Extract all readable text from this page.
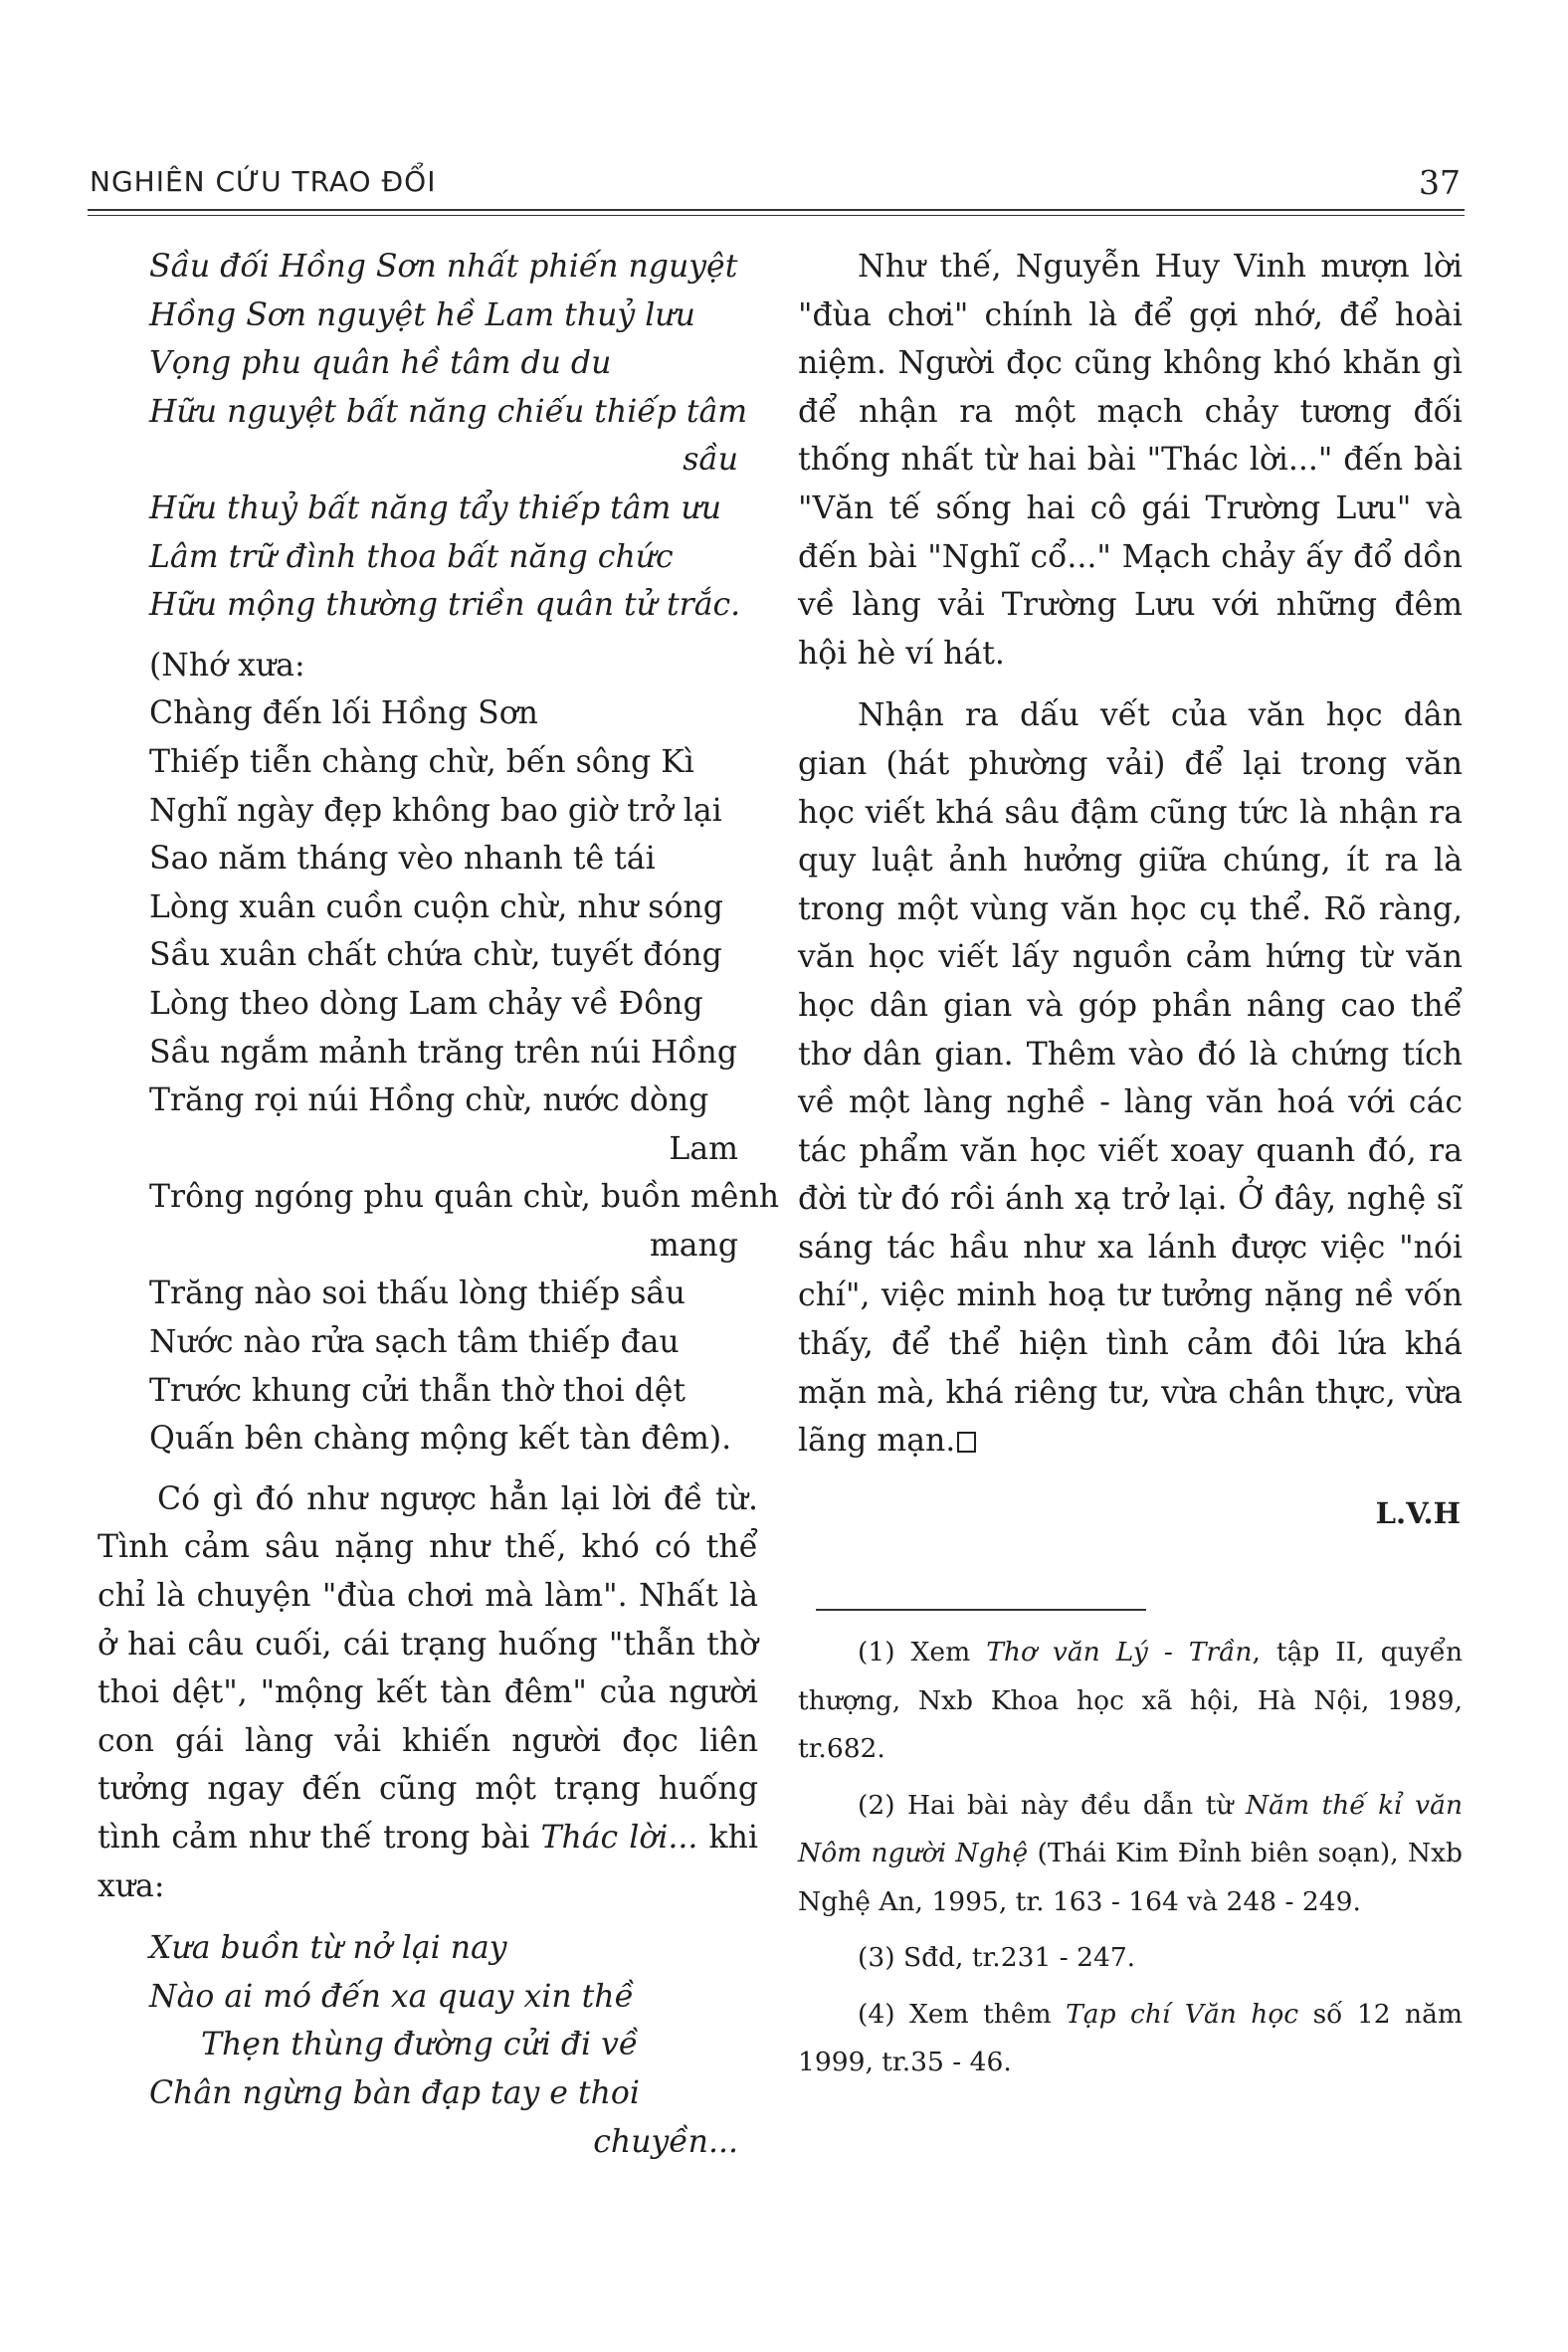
NGHIÊN CỨU TRAO ĐỔI	37
Sầu đối Hồng Sơn nhất phiến nguyệt
Hồng Sơn nguyệt hề Lam thuỷ lưu
Vọng phu quân hề tâm du du
Hữu nguyệt bất năng chiếu thiếp tâm
sầu
Hữu thuỷ bất năng tẩy thiếp tâm ưu
Lâm trữ đình thoa bất năng chức
Hữu mộng thường triền quân tử trắc.
(Nhớ xưa:
Chàng đến lối Hồng Sơn
Thiếp tiễn chàng chừ, bến sông Kì
Nghĩ ngày đẹp không bao giờ trở lại
Sao năm tháng vèo nhanh tê tái
Lòng xuân cuồn cuộn chừ, như sóng
Sầu xuân chất chứa chừ, tuyết đóng
Lòng theo dòng Lam chảy về Đông
Sầu ngắm mảnh trăng trên núi Hồng
Trăng rọi núi Hồng chừ, nước dòng
Lam
Trông ngóng phu quân chừ, buồn mênh
mang
Trăng nào soi thấu lòng thiếp sầu
Nước nào rửa sạch tâm thiếp đau
Trước khung cửi thẫn thờ thoi dệt
Quấn bên chàng mộng kết tàn đêm).

Có gì đó như ngược hẳn lại lời đề từ. Tình cảm sâu nặng như thế, khó có thể chỉ là chuyện "đùa chơi mà làm". Nhất là ở hai câu cuối, cái trạng huống "thẫn thờ thoi dệt", "mộng kết tàn đêm" của người con gái làng vải khiến người đọc liên tưởng ngay đến cũng một trạng huống tình cảm như thế trong bài Thác lời... khi xưa:

Xưa buồn từ nở lại nay
Nào ai mó đến xa quay xin thề
Thẹn thùng đường cửi đi về
Chân ngừng bàn đạp tay e thoi
chuyền...

Như thế, Nguyễn Huy Vinh mượn lời "đùa chơi" chính là để gợi nhớ, để hoài niệm. Người đọc cũng không khó khăn gì để nhận ra một mạch chảy tương đối thống nhất từ hai bài "Thác lời..." đến bài "Văn tế sống hai cô gái Trường Lưu" và đến bài "Nghĩ cổ..." Mạch chảy ấy đổ dồn về làng vải Trường Lưu với những đêm hội hè ví hát.

Nhận ra dấu vết của văn học dân gian (hát phường vải) để lại trong văn học viết khá sâu đậm cũng tức là nhận ra quy luật ảnh hưởng giữa chúng, ít ra là trong một vùng văn học cụ thể. Rõ ràng, văn học viết lấy nguồn cảm hứng từ văn học dân gian và góp phần nâng cao thể thơ dân gian. Thêm vào đó là chứng tích về một làng nghề - làng văn hoá với các tác phẩm văn học viết xoay quanh đó, ra đời từ đó rồi ánh xạ trở lại. Ở đây, nghệ sĩ sáng tác hầu như xa lánh được việc "nói chí", việc minh hoạ tư tưởng nặng nề vốn thấy, để thể hiện tình cảm đôi lứa khá mặn mà, khá riêng tư, vừa chân thực, vừa lãng mạn.

L.V.H

(1) Xem Thơ văn Lý - Trần, tập II, quyển thượng, Nxb Khoa học xã hội, Hà Nội, 1989, tr.682.

(2) Hai bài này đều dẫn từ Năm thế kỉ văn Nôm người Nghệ (Thái Kim Đỉnh biên soạn), Nxb Nghệ An, 1995, tr. 163 - 164 và 248 - 249.

(3) Sđd, tr.231 - 247.

(4) Xem thêm Tạp chí Văn học số 12 năm 1999, tr.35 - 46.
